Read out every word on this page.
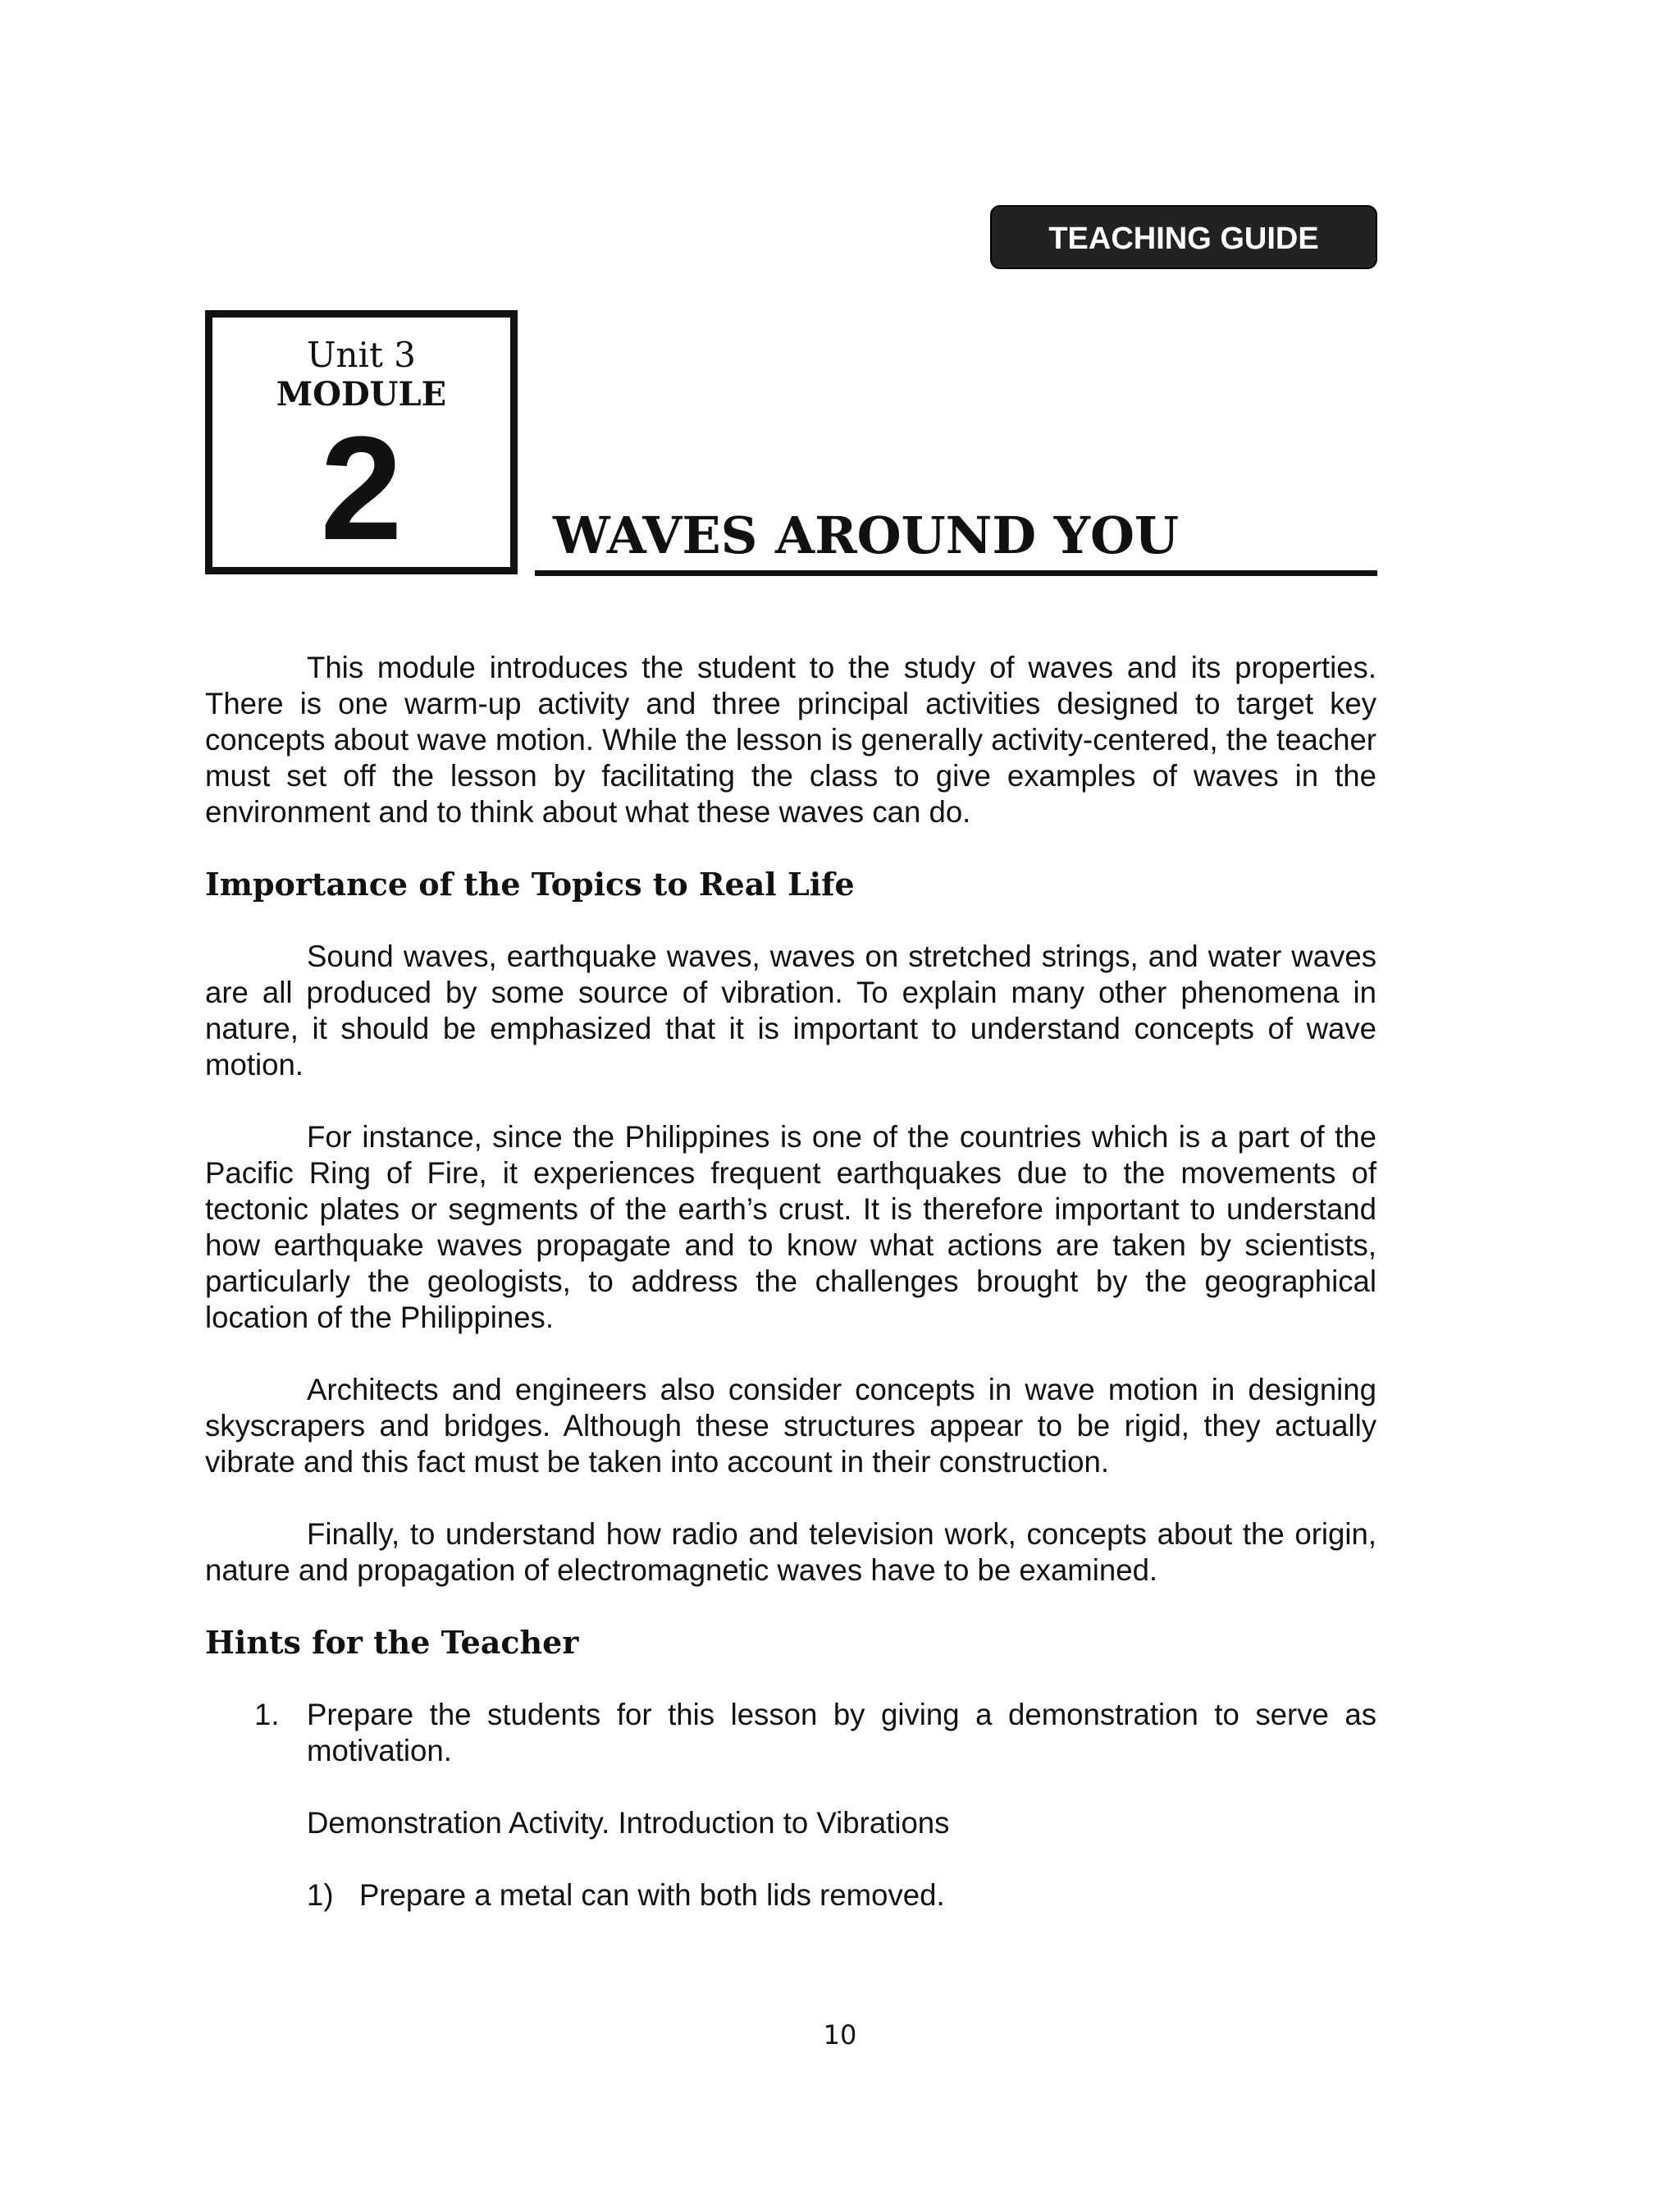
TEACHING GUIDE
Unit 3
MODULE
2	WAVES AROUND YOU

This module introduces the student to the study of waves and its properties. There is one warm-up activity and three principal activities designed to target key concepts about wave motion. While the lesson is generally activity-centered, the teacher must set off the lesson by facilitating the class to give examples of waves in the environment and to think about what these waves can do.

Importance of the Topics to Real Life

Sound waves, earthquake waves, waves on stretched strings, and water waves are all produced by some source of vibration. To explain many other phenomena in nature, it should be emphasized that it is important to understand concepts of wave motion.

For instance, since the Philippines is one of the countries which is a part of the Pacific Ring of Fire, it experiences frequent earthquakes due to the movements of tectonic plates or segments of the earth’s crust. It is therefore important to understand how earthquake waves propagate and to know what actions are taken by scientists, particularly the geologists, to address the challenges brought by the geographical location of the Philippines.

Architects and engineers also consider concepts in wave motion in designing skyscrapers and bridges. Although these structures appear to be rigid, they actually vibrate and this fact must be taken into account in their construction.

Finally, to understand how radio and television work, concepts about the origin, nature and propagation of electromagnetic waves have to be examined.

Hints for the Teacher
1. Prepare the students for this lesson by giving a demonstration to serve as motivation.
Demonstration Activity. Introduction to Vibrations
1) Prepare a metal can with both lids removed.
10
